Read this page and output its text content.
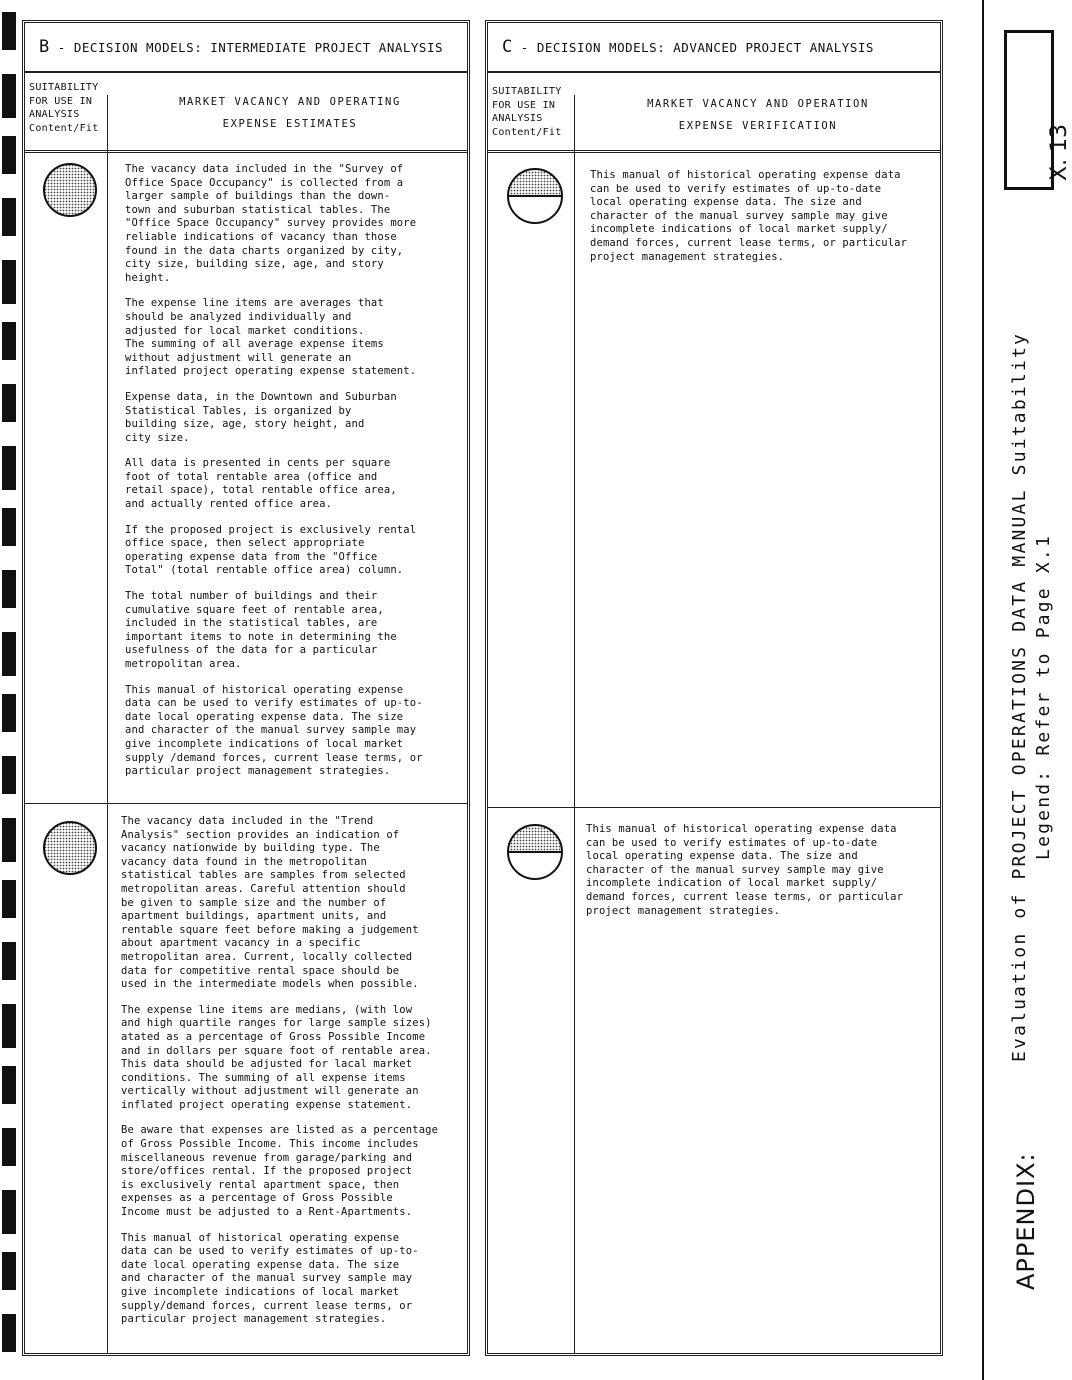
B - DECISION MODELS: INTERMEDIATE PROJECT ANALYSIS
SUITABILITY
FOR USE IN
ANALYSIS
Content/Fit
MARKET VACANCY AND OPERATING
EXPENSE ESTIMATES

The vacancy data included in the "Survey of
Office Space Occupancy" is collected from a
larger sample of buildings than the down-
town and suburban statistical tables. The
"Office Space Occupancy" survey provides more
reliable indications of vacancy than those
found in the data charts organized by city,
city size, building size, age, and story
height.

The expense line items are averages that
should be analyzed individually and
adjusted for local market conditions.
The summing of all average expense items
without adjustment will generate an
inflated project operating expense statement.

Expense data, in the Downtown and Suburban
Statistical Tables, is organized by
building size, age, story height, and
city size.

All data is presented in cents per square
foot of total rentable area (office and
retail space), total rentable office area,
and actually rented office area.

If the proposed project is exclusively rental
office space, then select appropriate
operating expense data from the "Office
Total" (total rentable office area) column.

The total number of buildings and their
cumulative square feet of rentable area,
included in the statistical tables, are
important items to note in determining the
usefulness of the data for a particular
metropolitan area.

This manual of historical operating expense
data can be used to verify estimates of up-to-
date local operating expense data. The size
and character of the manual survey sample may
give incomplete indications of local market
supply /demand forces, current lease terms, or
particular project management strategies.

The vacancy data included in the "Trend
Analysis" section provides an indication of
vacancy nationwide by building type. The
vacancy data found in the metropolitan
statistical tables are samples from selected
metropolitan areas. Careful attention should
be given to sample size and the number of
apartment buildings, apartment units, and
rentable square feet before making a judgement
about apartment vacancy in a specific
metropolitan area. Current, locally collected
data for competitive rental space should be
used in the intermediate models when possible.

The expense line items are medians, (with low
and high quartile ranges for large sample sizes)
atated as a percentage of Gross Possible Income
and in dollars per square foot of rentable area.
This data should be adjusted for lacal market
conditions. The summing of all expense items
vertically without adjustment will generate an
inflated project operating expense statement.

Be aware that expenses are listed as a percentage
of Gross Possible Income. This income includes
miscellaneous revenue from garage/parking and
store/offices rental. If the proposed project
is exclusively rental apartment space, then
expenses as a percentage of Gross Possible
Income must be adjusted to a Rent-Apartments.

This manual of historical operating expense
data can be used to verify estimates of up-to-
date local operating expense data. The size
and character of the manual survey sample may
give incomplete indications of local market
supply/demand forces, current lease terms, or
particular project management strategies.

C - DECISION MODELS: ADVANCED PROJECT ANALYSIS
SUITABILITY
FOR USE IN
ANALYSIS
Content/Fit
MARKET VACANCY AND OPERATION
EXPENSE VERIFICATION

This manual of historical operating expense data
can be used to verify estimates of up-to-date
local operating expense data. The size and
character of the manual survey sample may give
incomplete indications of local market supply/
demand forces, current lease terms, or particular
project management strategies.

This manual of historical operating expense data
can be used to verify estimates of up-to-date
local operating expense data. The size and
character of the manual survey sample may give
incomplete indication of local market supply/
demand forces, current lease terms, or particular
project management strategies.

X. 13
Evaluation of PROJECT OPERATIONS DATA MANUAL Suitability Legend: Refer to Page X.1
APPENDIX:
